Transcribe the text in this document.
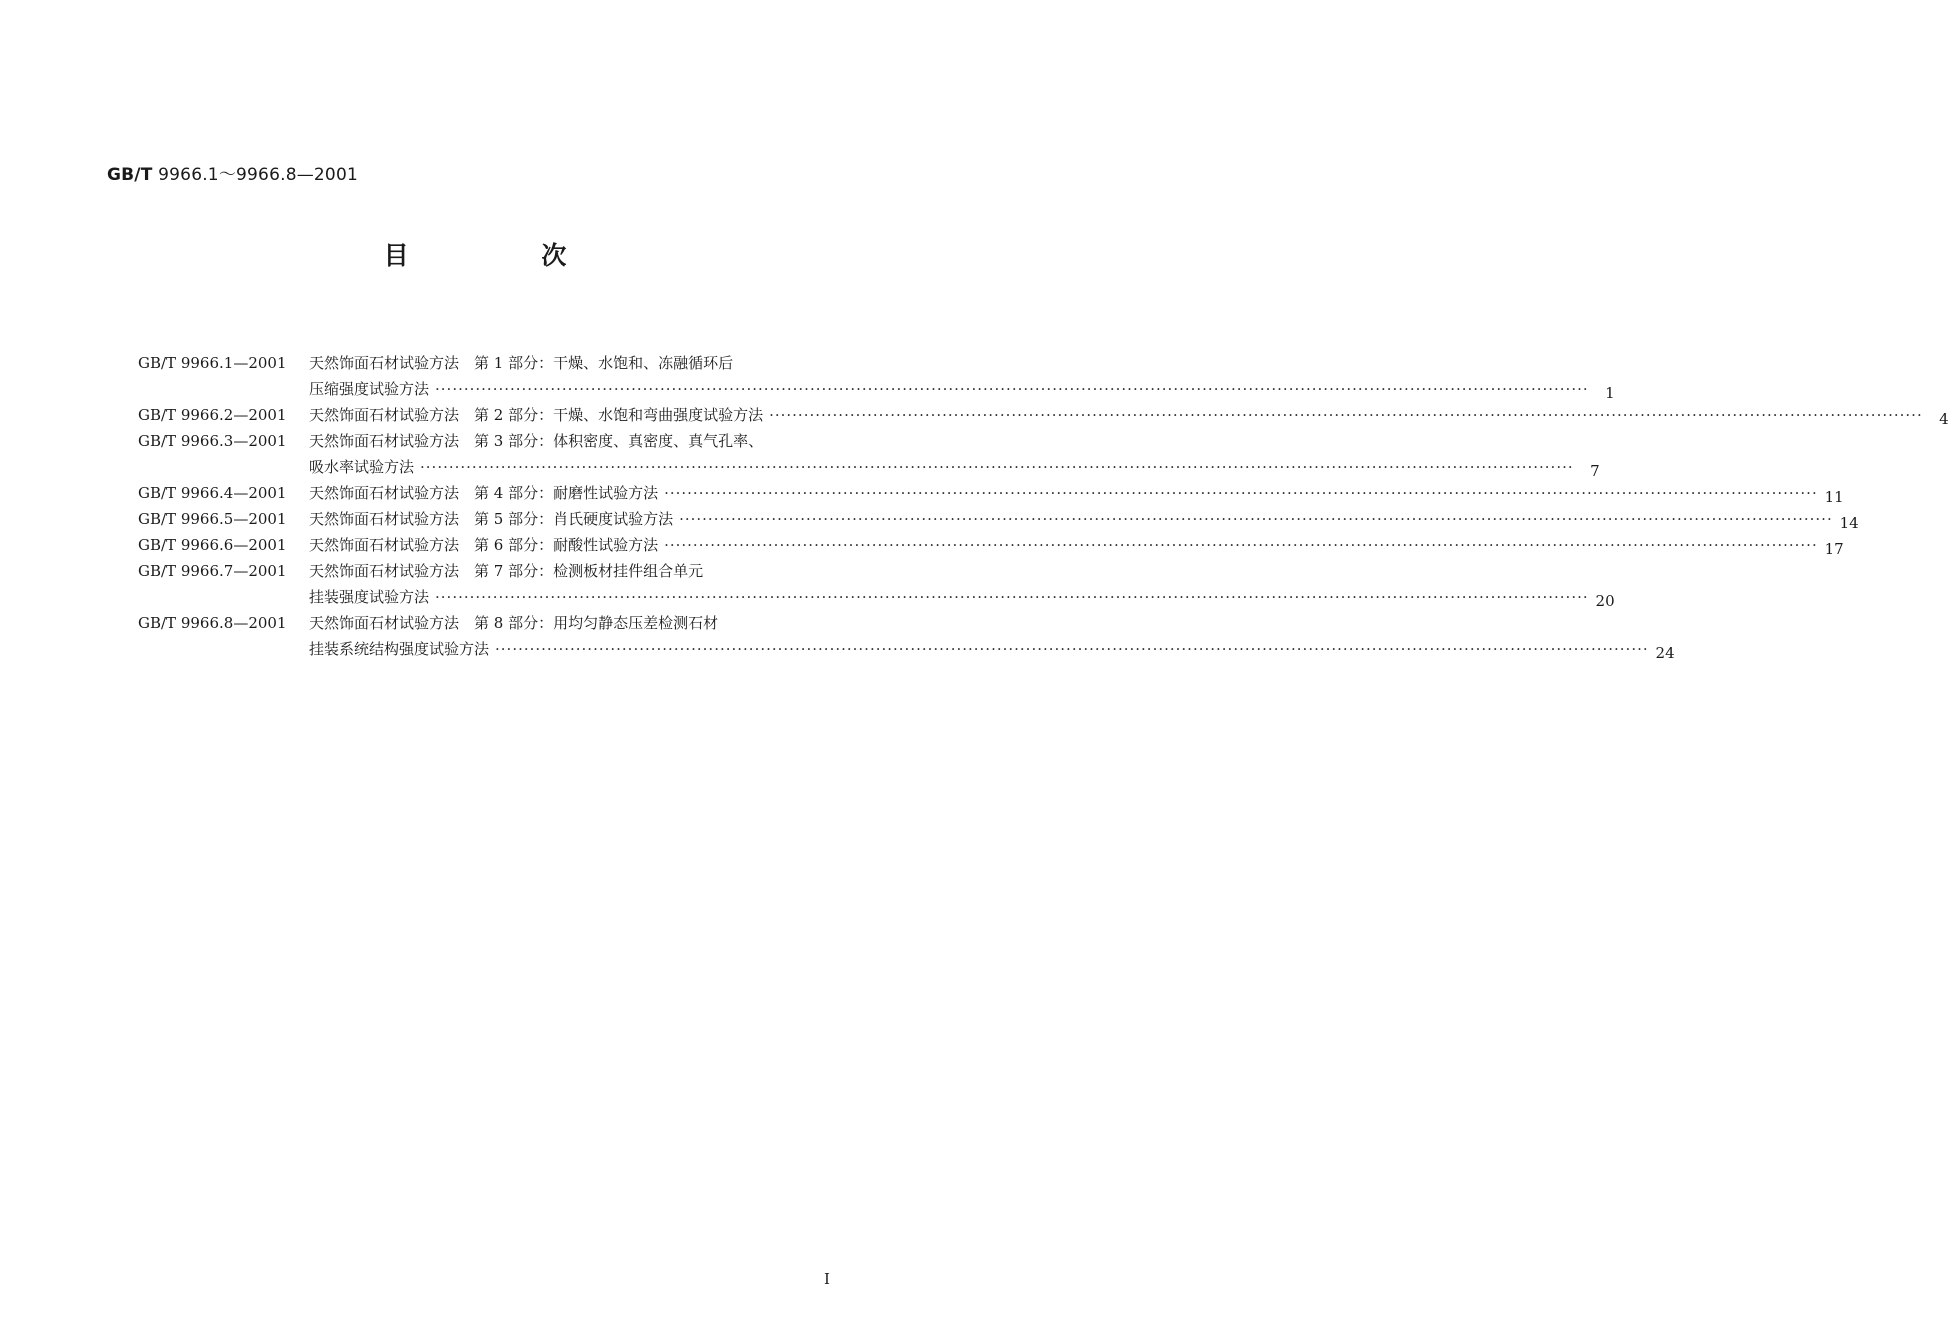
GB/T 9966.1～9966.8—2001
目 次
GB/T 9966.1—2001 天然饰面石材试验方法　第 1 部分：干燥、水饱和、冻融循环后
压缩强度试验方法 ········································································································································································································	1
GB/T 9966.2—2001 天然饰面石材试验方法　第 2 部分：干燥、水饱和弯曲强度试验方法 ········································································································································································································	4
GB/T 9966.3—2001 天然饰面石材试验方法　第 3 部分：体积密度、真密度、真气孔率、
吸水率试验方法 ········································································································································································································	7
GB/T 9966.4—2001 天然饰面石材试验方法　第 4 部分：耐磨性试验方法 ········································································································································································································ 11
GB/T 9966.5—2001 天然饰面石材试验方法　第 5 部分：肖氏硬度试验方法 ········································································································································································································ 14
GB/T 9966.6—2001 天然饰面石材试验方法　第 6 部分：耐酸性试验方法 ········································································································································································································ 17
GB/T 9966.7—2001 天然饰面石材试验方法　第 7 部分：检测板材挂件组合单元
挂装强度试验方法 ········································································································································································································ 20
GB/T 9966.8—2001 天然饰面石材试验方法　第 8 部分：用均匀静态压差检测石材
挂装系统结构强度试验方法 ········································································································································································································ 24
I
